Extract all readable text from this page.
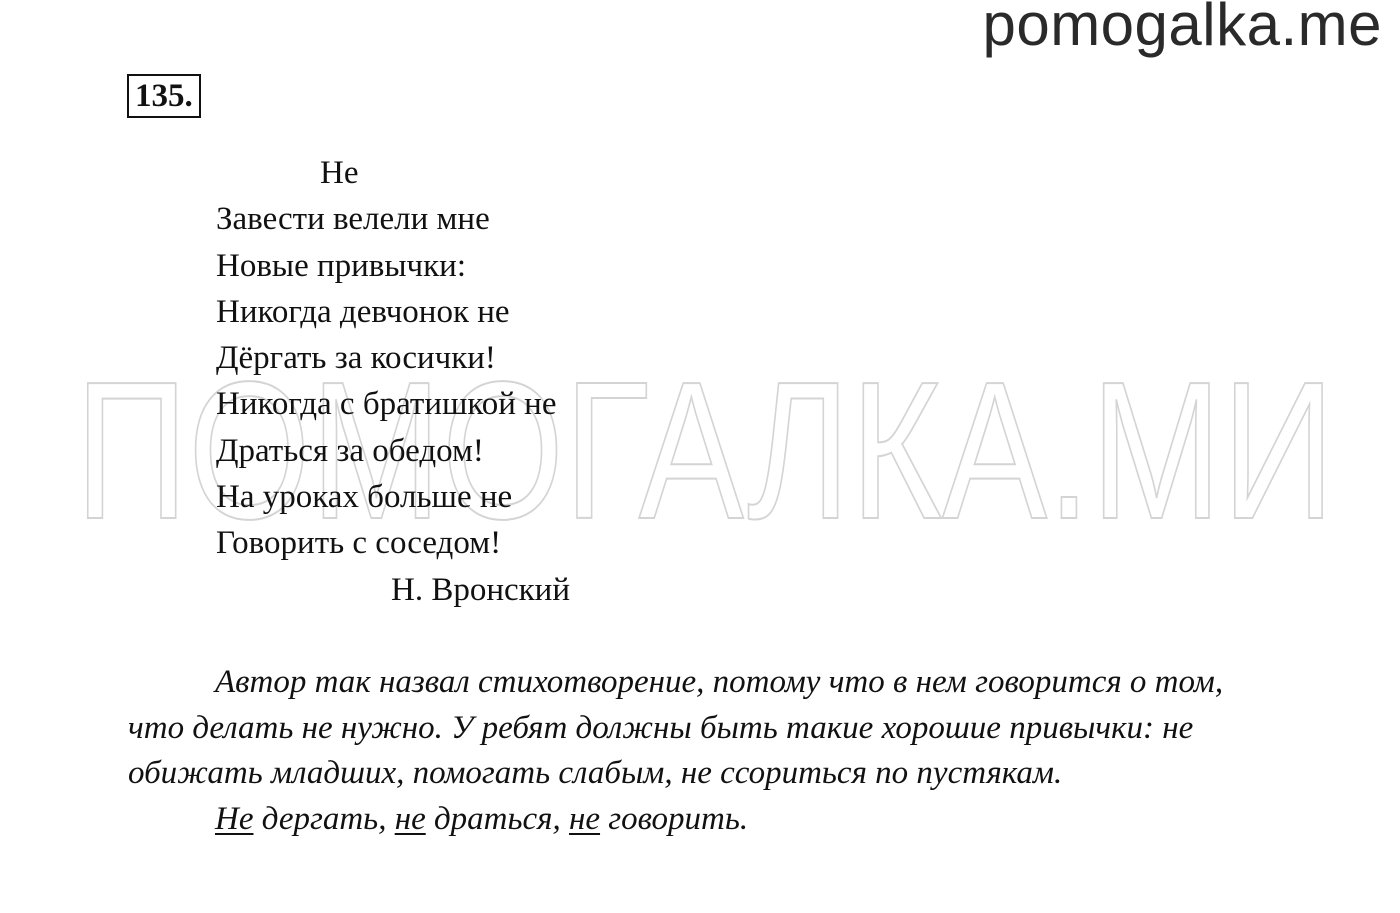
pomogalka.me
ПОМОГАЛКА.МИ
135.
Не
Завести велели мне
Новые привычки:
Никогда девчонок не
Дёргать за косички!
Никогда с братишкой не
Драться за обедом!
На уроках больше не
Говорить с соседом!
Н. Вронский
Автор так назвал стихотворение, потому что в нем говорится о том,
что делать не нужно. У ребят должны быть такие хорошие привычки: не
обижать младших, помогать слабым, не ссориться по пустякам.
Не дергать, не драться, не говорить.
